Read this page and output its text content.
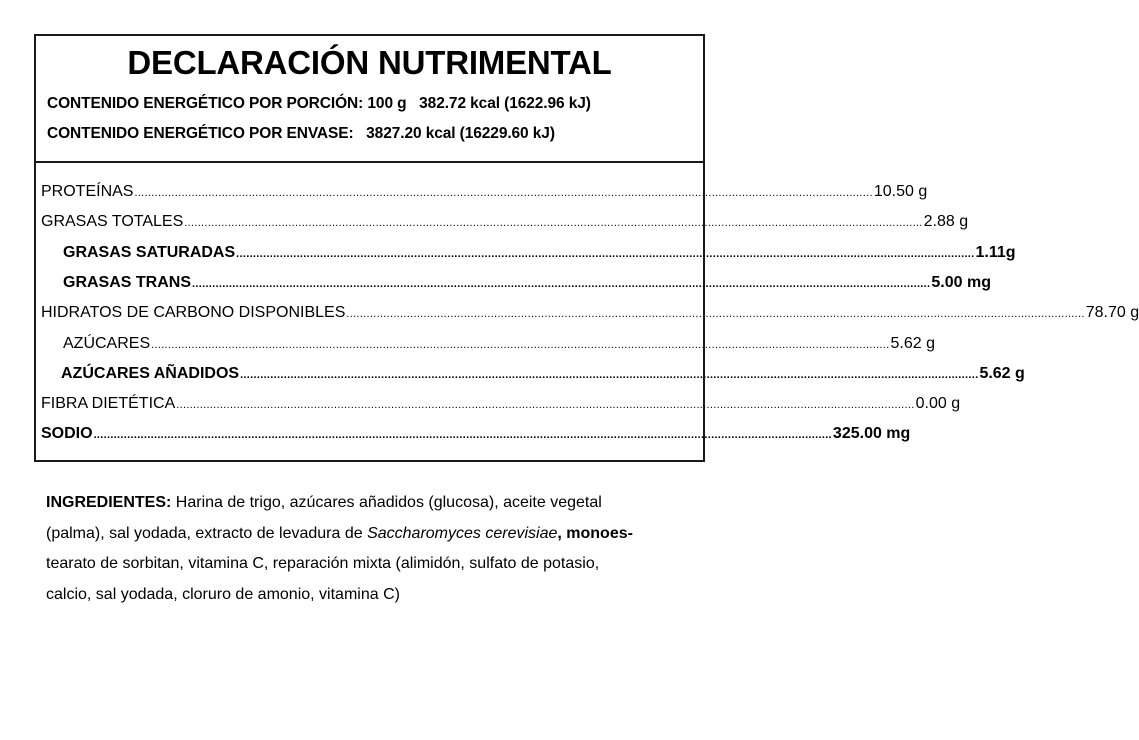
DECLARACIÓN NUTRIMENTAL
CONTENIDO ENERGÉTICO POR PORCIÓN: 100 g   382.72 kcal (1622.96 kJ)
CONTENIDO ENERGÉTICO POR ENVASE:   3827.20 kcal (16229.60 kJ)
PROTEÍNAS ............................................................................................................................................................................................................................ 10.50 g
GRASAS TOTALES ............................................................................................................................................................................................................................ 2.88 g
GRASAS SATURADAS ............................................................................................................................................................................................................................ 1.11g
GRASAS TRANS ............................................................................................................................................................................................................................ 5.00 mg
HIDRATOS DE CARBONO DISPONIBLES ............................................................................................................................................................................................................................ 78.70 g
AZÚCARES ............................................................................................................................................................................................................................ 5.62 g
AZÚCARES AÑADIDOS ............................................................................................................................................................................................................................ 5.62 g
FIBRA DIETÉTICA ............................................................................................................................................................................................................................ 0.00 g
SODIO ............................................................................................................................................................................................................................ 325.00 mg
INGREDIENTES: Harina de trigo, azúcares añadidos (glucosa), aceite vegetal
(palma), sal yodada, extracto de levadura de Saccharomyces cerevisiae, monoes-
tearato de sorbitan, vitamina C, reparación mixta (alimidón, sulfato de potasio,
calcio, sal yodada, cloruro de amonio, vitamina C)
